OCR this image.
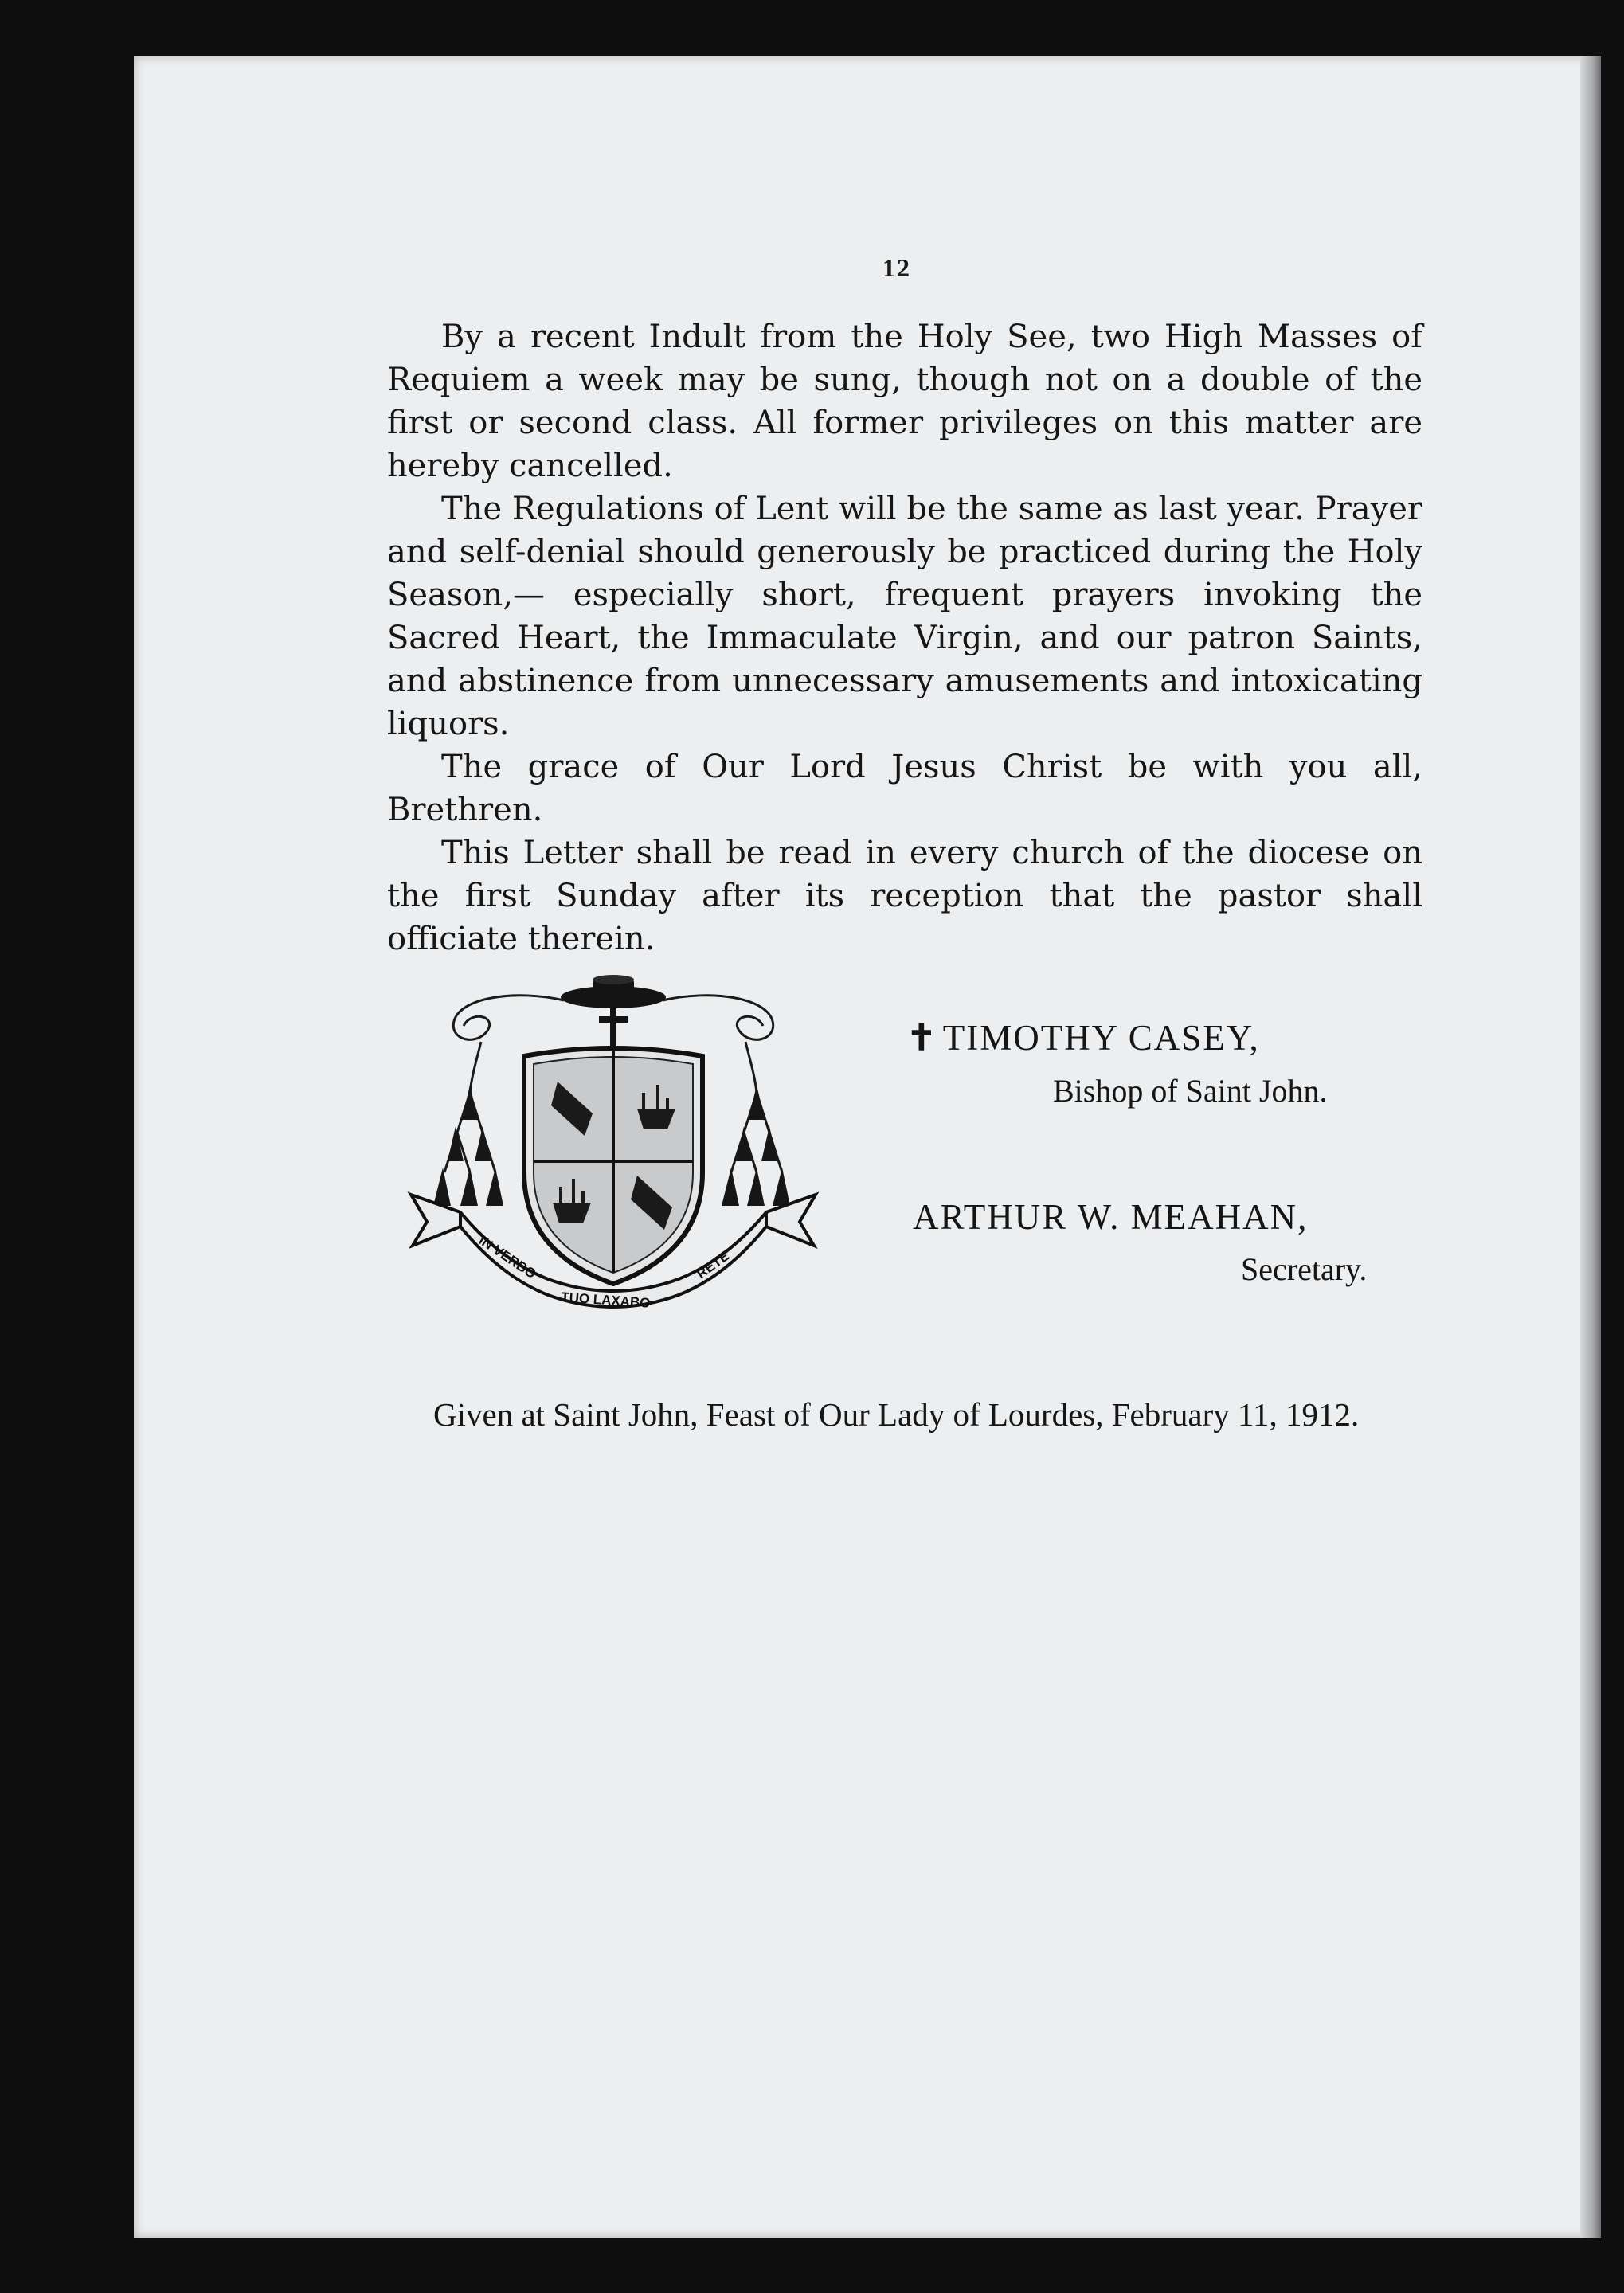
12

By a recent Indult from the Holy See, two High Masses of Requiem a week may be sung, though not on a double of the first or second class. All former privileges on this matter are hereby cancelled.

The Regulations of Lent will be the same as last year. Prayer and self-denial should generously be practiced during the Holy Season,— especially short, frequent prayers invoking the Sacred Heart, the Immaculate Virgin, and our patron Saints, and abstinence from unnecessary amusements and intoxicating liquors.

The grace of Our Lord Jesus Christ be with you all, Brethren.

This Letter shall be read in every church of the diocese on the first Sunday after its reception that the pastor shall officiate therein.

IN VERBO
TUO LAXABO
RETE
✝ TIMOTHY CASEY,
Bishop of Saint John.
ARTHUR W. MEAHAN,
Secretary.

Given at Saint John, Feast of Our Lady of Lourdes, February 11, 1912.
